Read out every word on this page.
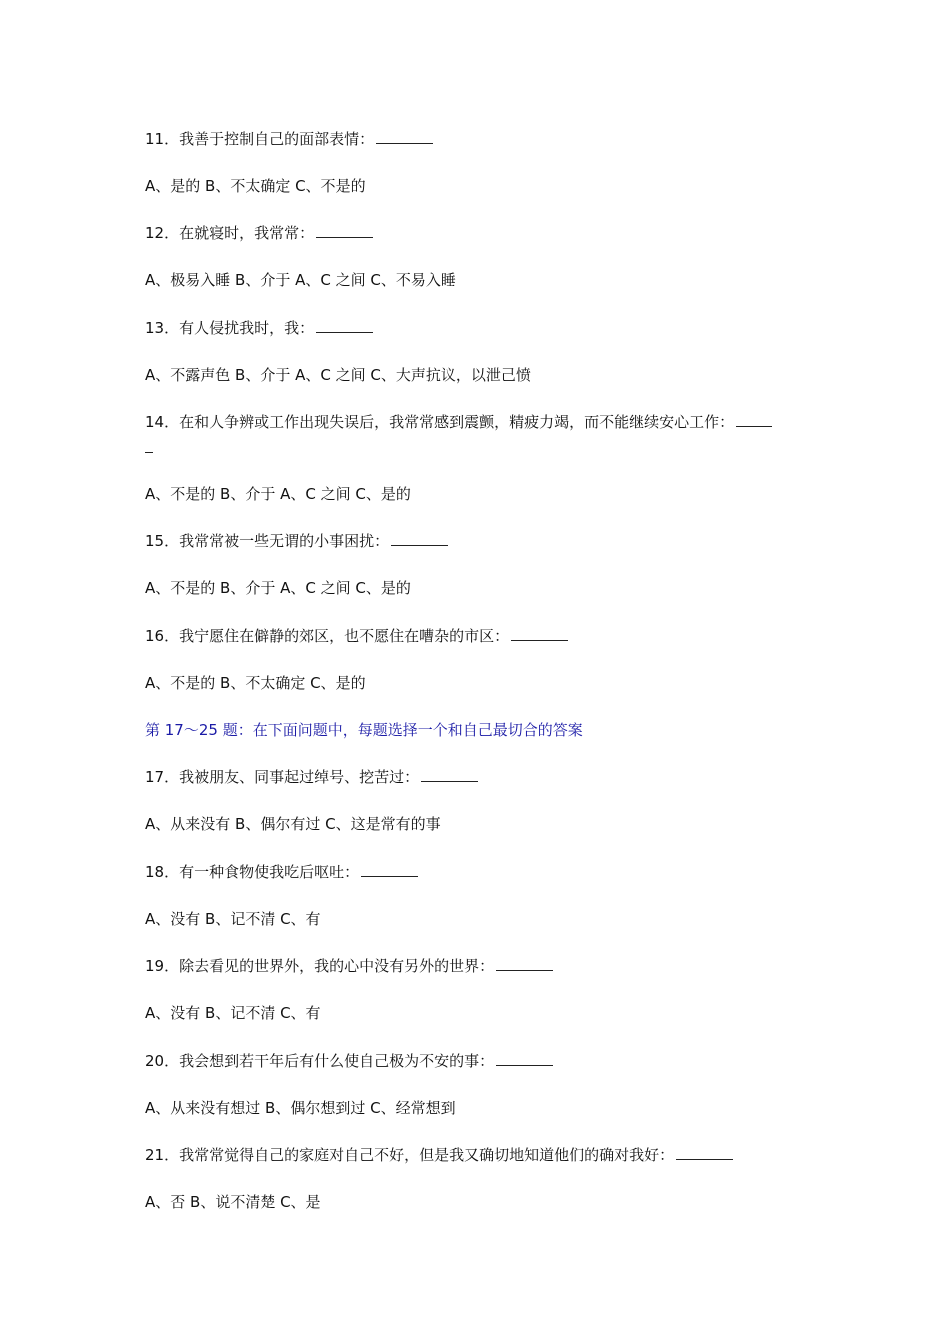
11．我善于控制自己的面部表情：
A、是的 B、不太确定 C、不是的
12．在就寝时，我常常：
A、极易入睡 B、介于 A、C 之间 C、不易入睡
13．有人侵扰我时，我：
A、不露声色 B、介于 A、C 之间 C、大声抗议，以泄己愤
14．在和人争辨或工作出现失误后，我常常感到震颤，精疲力竭，而不能继续安心工作：
A、不是的 B、介于 A、C 之间 C、是的
15．我常常被一些无谓的小事困扰：
A、不是的 B、介于 A、C 之间 C、是的
16．我宁愿住在僻静的郊区，也不愿住在嘈杂的市区：
A、不是的 B、不太确定 C、是的
第 17～25 题：在下面问题中，每题选择一个和自己最切合的答案
17．我被朋友、同事起过绰号、挖苦过：
A、从来没有 B、偶尔有过 C、这是常有的事
18．有一种食物使我吃后呕吐：
A、没有 B、记不清 C、有
19．除去看见的世界外，我的心中没有另外的世界：
A、没有 B、记不清 C、有
20．我会想到若干年后有什么使自己极为不安的事：
A、从来没有想过 B、偶尔想到过 C、经常想到
21．我常常觉得自己的家庭对自己不好，但是我又确切地知道他们的确对我好：
A、否 B、说不清楚 C、是
